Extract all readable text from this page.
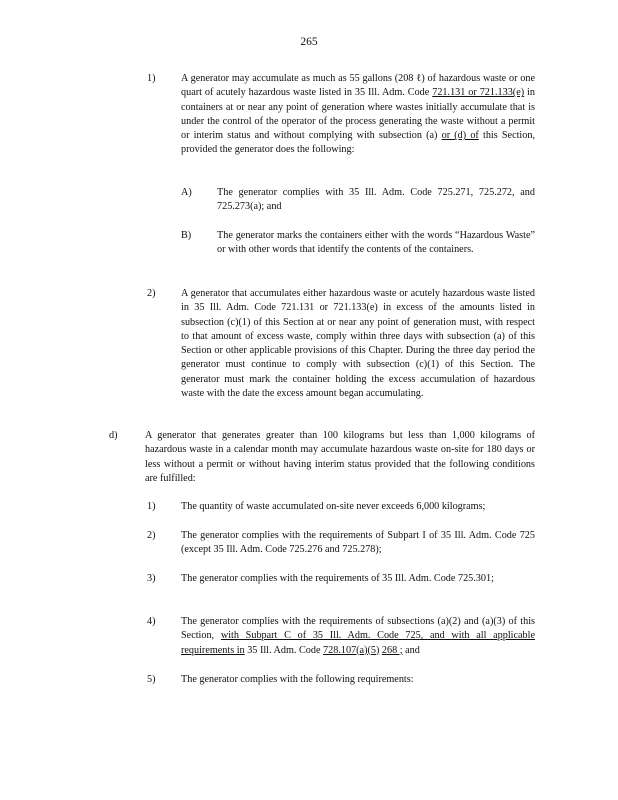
265
1)	A generator may accumulate as much as 55 gallons (208 ℓ) of hazardous waste or one quart of acutely hazardous waste listed in 35 Ill. Adm. Code 721.131 or 721.133(e) in containers at or near any point of generation where wastes initially accumulate that is under the control of the operator of the process generating the waste without a permit or interim status and without complying with subsection (a) or (d) of this Section, provided the generator does the following:
A) The generator complies with 35 Ill. Adm. Code 725.271, 725.272, and 725.273(a); and
B)	The generator marks the containers either with the words “Hazardous Waste” or with other words that identify the contents of the containers.
2)	A generator that accumulates either hazardous waste or acutely hazardous waste listed in 35 Ill. Adm. Code 721.131 or 721.133(e) in excess of the amounts listed in subsection (c)(1) of this Section at or near any point of generation must, with respect to that amount of excess waste, comply within three days with subsection (a) of this Section or other applicable provisions of this Chapter. During the three day period the generator must continue to comply with subsection (c)(1) of this Section. The generator must mark the container holding the excess accumulation of hazardous waste with the date the excess amount began accumulating.
d)	A generator that generates greater than 100 kilograms but less than 1,000 kilograms of hazardous waste in a calendar month may accumulate hazardous waste on-site for 180 days or less without a permit or without having interim status provided that the following conditions are fulfilled:
1)	The quantity of waste accumulated on-site never exceeds 6,000 kilograms;
2)	The generator complies with the requirements of Subpart I of 35 Ill. Adm. Code 725 (except 35 Ill. Adm. Code 725.276 and 725.278);
3)	The generator complies with the requirements of 35 Ill. Adm. Code 725.301;
4)	The generator complies with the requirements of subsections (a)(2) and (a)(3) of this Section, with Subpart C of 35 Ill. Adm. Code 725, and with all applicable requirements in 35 Ill. Adm. Code 728.107(a)(5) 268 ; and
5)	The generator complies with the following requirements:
